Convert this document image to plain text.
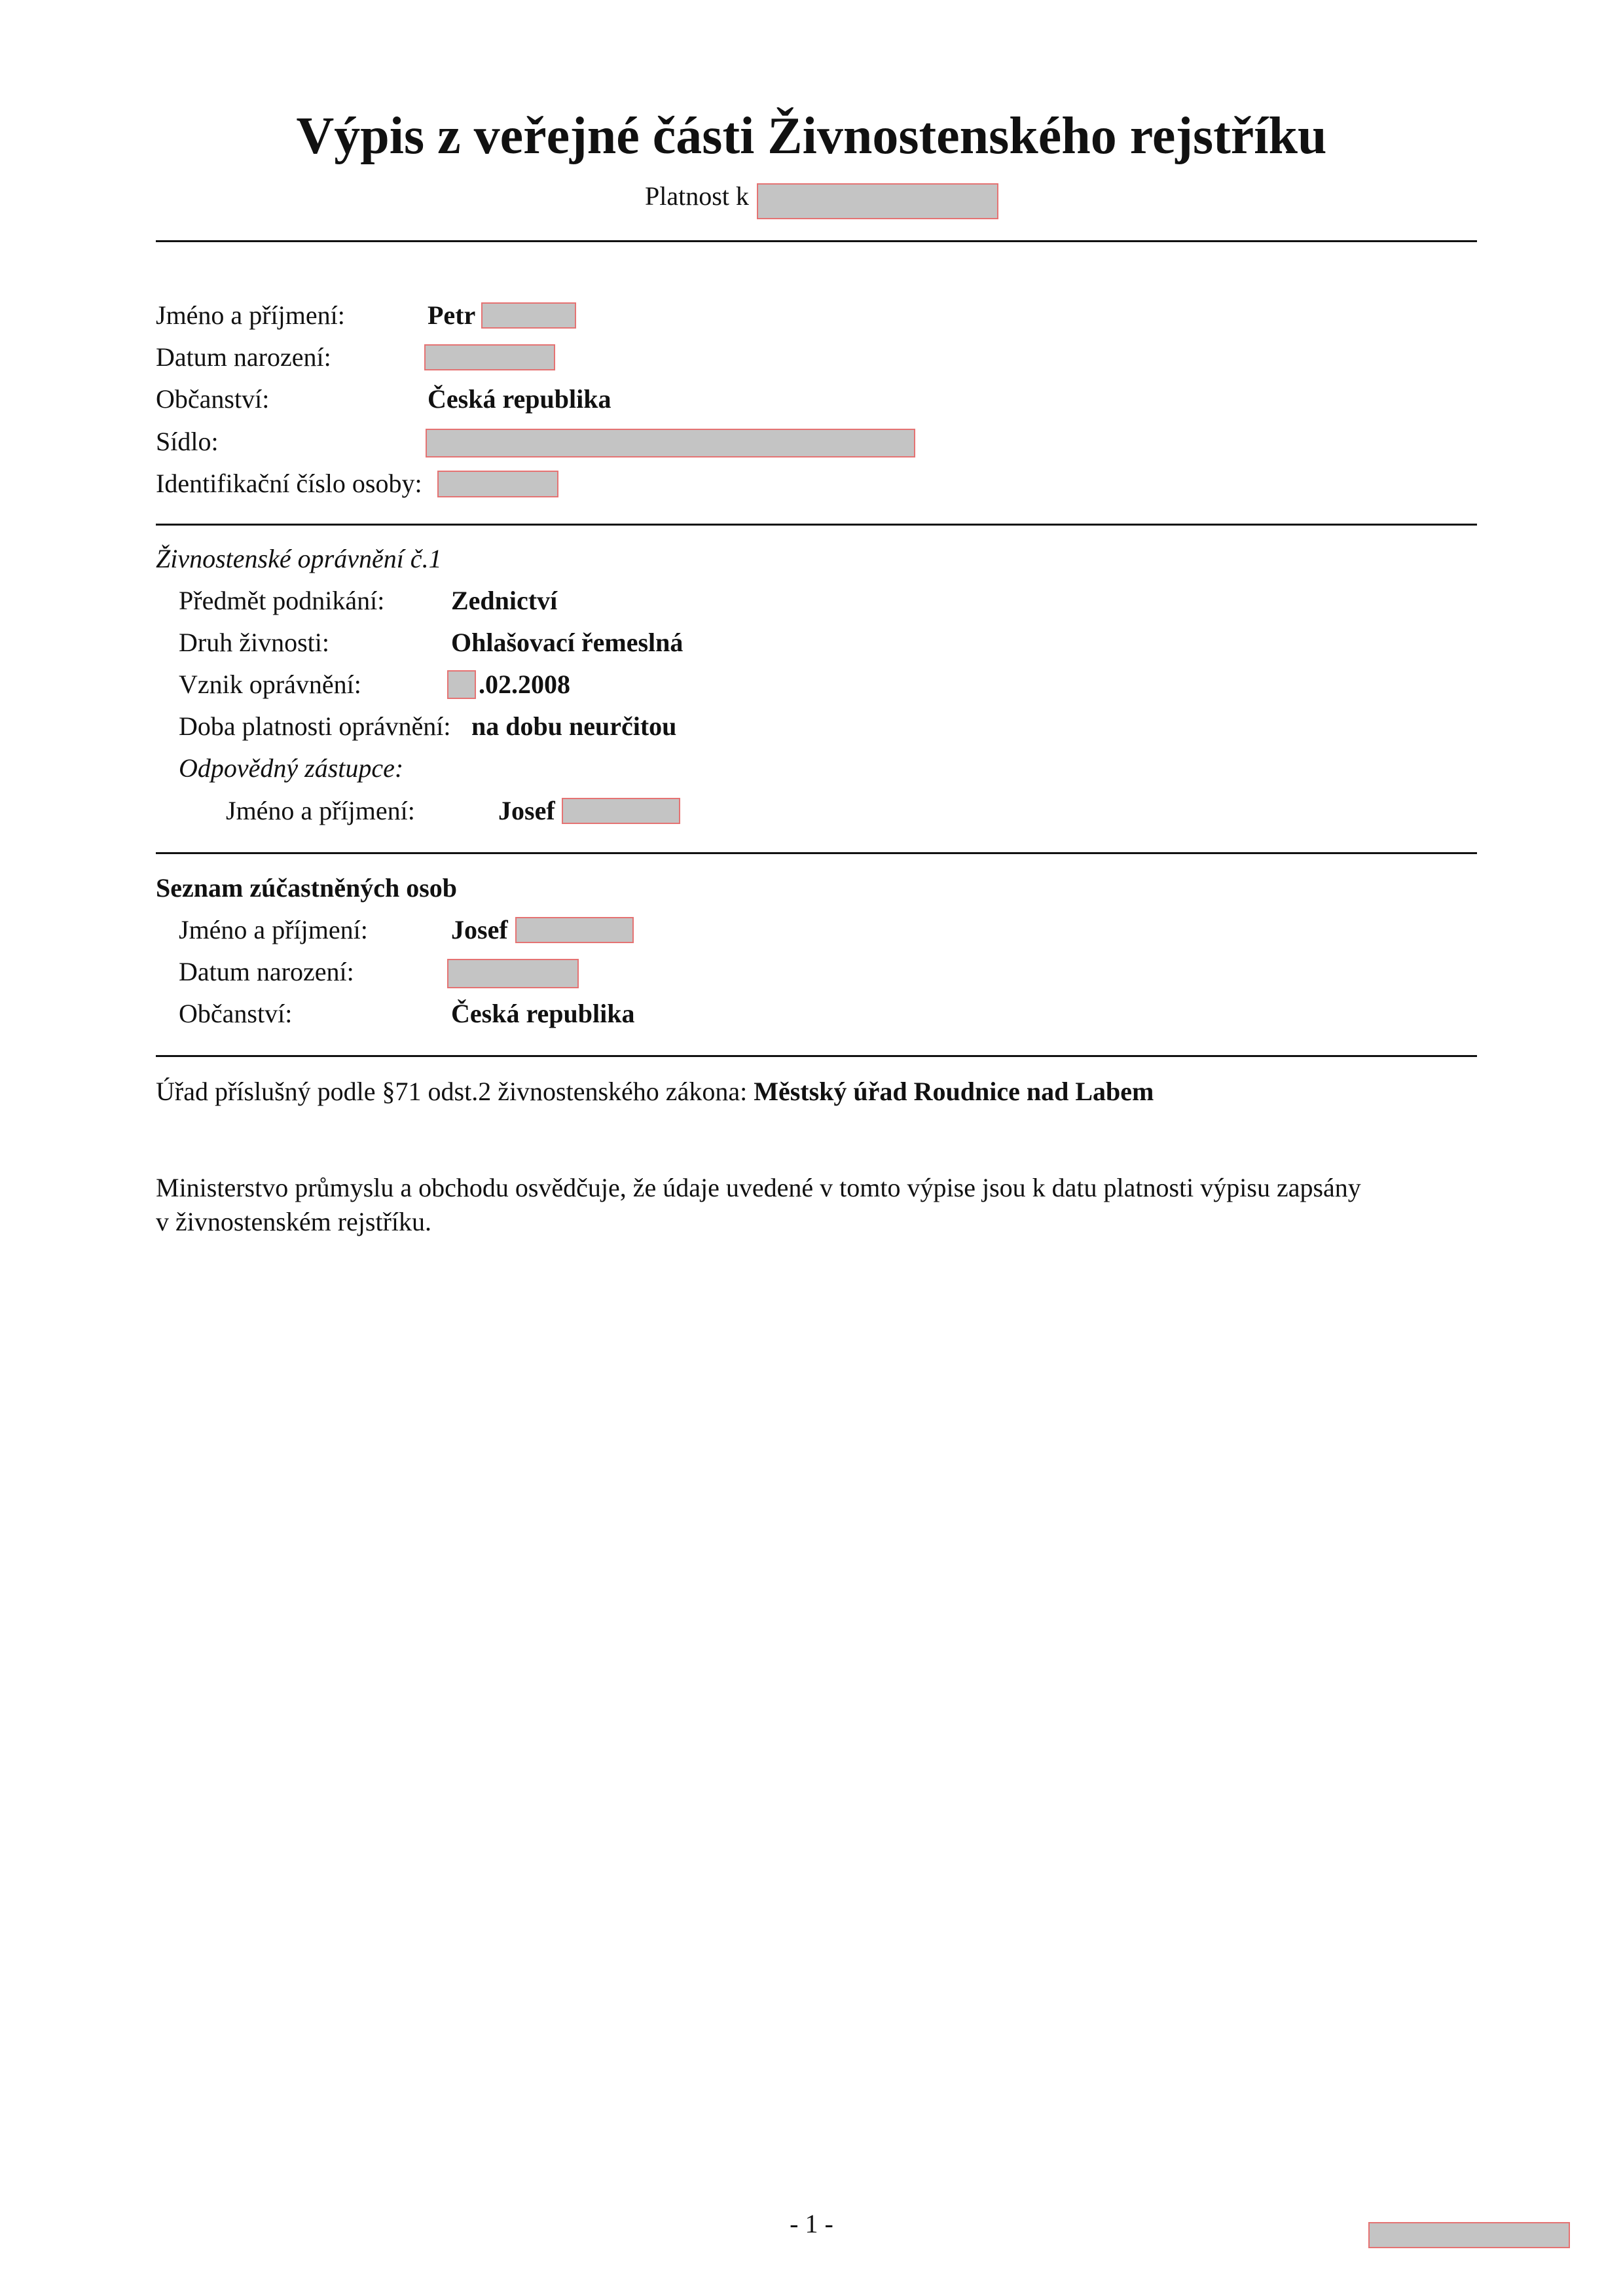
Výpis z veřejné části Živnostenského rejstříku
Platnost k
Jméno a příjmení:	Petr
Datum narození:
Občanství:	Česká republika
Sídlo:
Identifikační číslo osoby:
Živnostenské oprávnění č.1
Předmět podnikání:	Zednictví
Druh živnosti:	Ohlašovací řemeslná
Vznik oprávnění:	.02.2008
Doba platnosti oprávnění: na dobu neurčitou
Odpovědný zástupce:
Jméno a příjmení:	Josef
Seznam zúčastněných osob
Jméno a příjmení:	Josef
Datum narození:
Občanství:	Česká republika
Úřad příslušný podle §71 odst.2 živnostenského zákona: Městský úřad Roudnice nad Labem
Ministerstvo průmyslu a obchodu osvědčuje, že údaje uvedené v tomto výpise jsou k datu platnosti výpisu zapsány
v živnostenském rejstříku.
- 1 -
